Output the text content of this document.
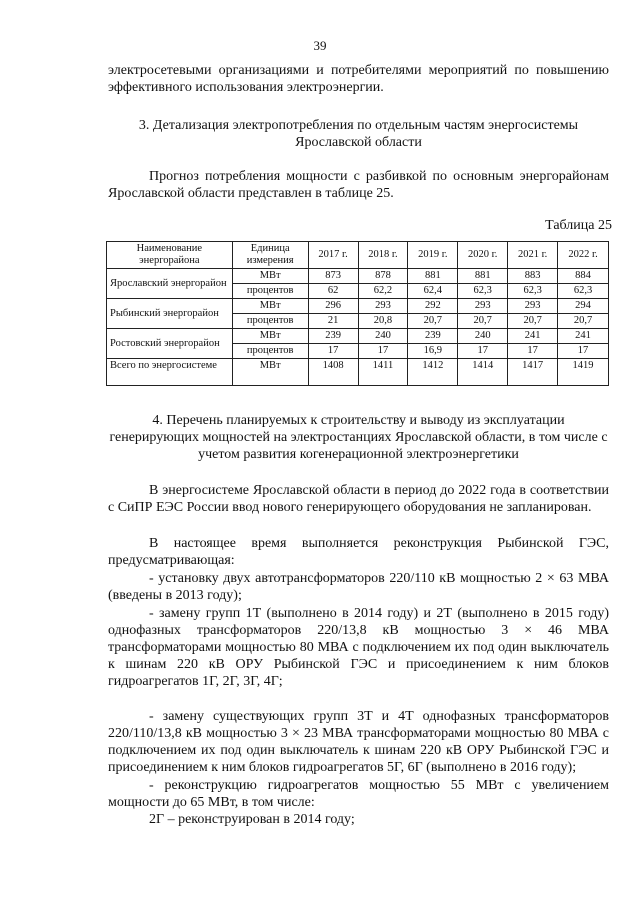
39
электросетевыми организациями и потребителями мероприятий по повышению эффективного использования электроэнергии.
3. Детализация электропотребления по отдельным частям энергосистемы Ярославской области
Прогноз потребления мощности с разбивкой по основным энергорайонам Ярославской области представлен в таблице 25.
Таблица 25
Наименование энергорайона	Единица измерения	2017 г.	2018 г.	2019 г.	2020 г.	2021 г.	2022 г.
Ярославский энергорайон	МВт	873	878	881	881	883	884
	процентов	62	62,2	62,4	62,3	62,3	62,3
Рыбинский энергорайон	МВт	296	293	292	293	293	294
	процентов	21	20,8	20,7	20,7	20,7	20,7
Ростовский энергорайон	МВт	239	240	239	240	241	241
	процентов	17	17	16,9	17	17	17
Всего по энергосистеме	МВт	1408	1411	1412	1414	1417	1419
4. Перечень планируемых к строительству и выводу из эксплуатации генерирующих мощностей на электростанциях Ярославской области, в том числе с учетом развития когенерационной электроэнергетики
В энергосистеме Ярославской области в период до 2022 года в соответствии с СиПР ЕЭС России ввод нового генерирующего оборудования не запланирован.
В настоящее время выполняется реконструкция Рыбинской ГЭС, предусматривающая:
- установку двух автотрансформаторов 220/110 кВ мощностью 2 × 63 МВА (введены в 2013 году);
- замену групп 1Т (выполнено в 2014 году) и 2Т (выполнено в 2015 году) однофазных трансформаторов 220/13,8 кВ мощностью 3 × 46 МВА трансформаторами мощностью 80 МВА с подключением их под один выключатель к шинам 220 кВ ОРУ Рыбинской ГЭС и присоединением к ним блоков гидроагрегатов 1Г, 2Г, 3Г, 4Г;
- замену существующих групп 3Т и 4Т однофазных трансформаторов 220/110/13,8 кВ мощностью 3 × 23 МВА трансформаторами мощностью 80 МВА с подключением их под один выключатель к шинам 220 кВ ОРУ Рыбинской ГЭС и присоединением к ним блоков гидроагрегатов 5Г, 6Г (выполнено в 2016 году);
- реконструкцию гидроагрегатов мощностью 55 МВт с увеличением мощности до 65 МВт, в том числе:
2Г – реконструирован в 2014 году;
